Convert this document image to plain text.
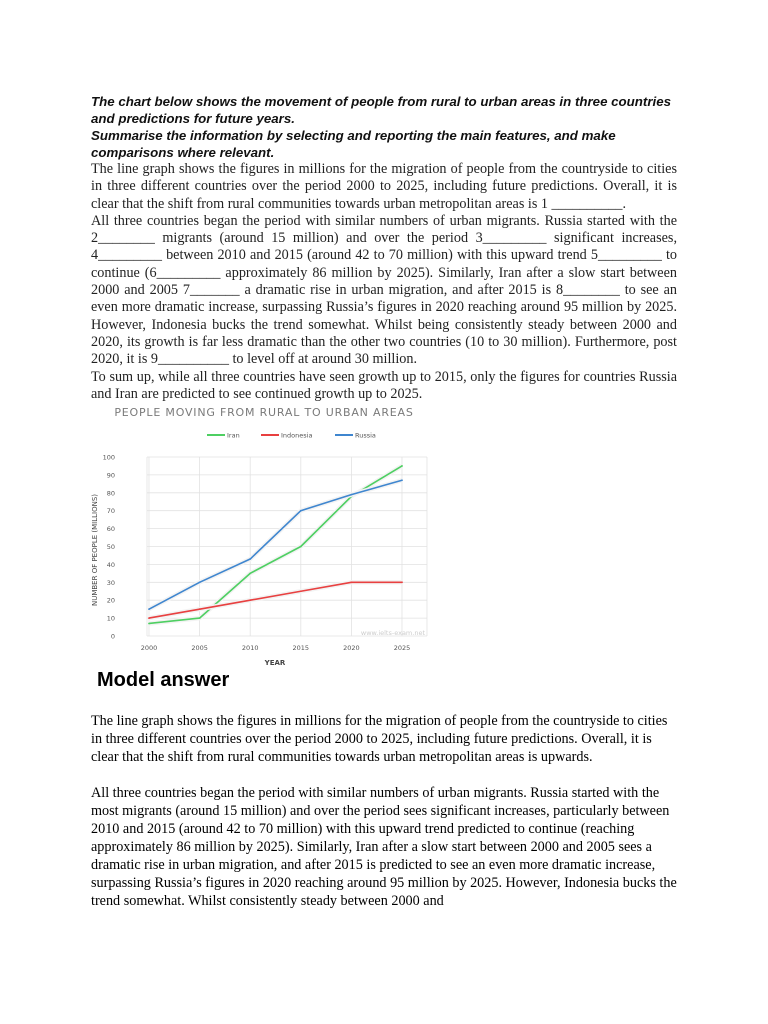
The chart below shows the movement of people from rural to urban areas in three countries and predictions for future years.

Summarise the information by selecting and reporting the main features, and make comparisons where relevant.

The line graph shows the figures in millions for the migration of people from the countryside to cities in three different countries over the period 2000 to 2025, including future predictions. Overall, it is clear that the shift from rural communities towards urban metropolitan areas is 1 __________.

All three countries began the period with similar numbers of urban migrants. Russia started with the 2________ migrants (around 15 million) and over the period 3_________ significant increases, 4_________ between 2010 and 2015 (around 42 to 70 million) with this upward trend 5_________ to continue (6_________ approximately 86 million by 2025). Similarly, Iran after a slow start between 2000 and 2005 7_______ a dramatic rise in urban migration, and after 2015 is 8________ to see an even more dramatic increase, surpassing Russia’s figures in 2020 reaching around 95 million by 2025. However, Indonesia bucks the trend somewhat. Whilst being consistently steady between 2000 and 2020, its growth is far less dramatic than the other two countries (10 to 30 million). Furthermore, post 2020, it is 9__________ to level off at around 30 million.

To sum up, while all three countries have seen growth up to 2015, only the figures for countries Russia and Iran are predicted to see continued growth up to 2025.

PEOPLE MOVING FROM RURAL TO URBAN AREAS
Iran	Indonesia	Russia
0
10
20
30
40
50
60
70
80
90
100
2000	2005	2010	2015	2020	2025
NUMBER OF PEOPLE (MILLIONS)
YEAR
www.ielts-exam.net
Model answer

The line graph shows the figures in millions for the migration of people from the countryside to cities in three different countries over the period 2000 to 2025, including future predictions. Overall, it is clear that the shift from rural communities towards urban metropolitan areas is upwards.

All three countries began the period with similar numbers of urban migrants. Russia started with the most migrants (around 15 million) and over the period sees significant increases, particularly between 2010 and 2015 (around 42 to 70 million) with this upward trend predicted to continue (reaching approximately 86 million by 2025). Similarly, Iran after a slow start between 2000 and 2005 sees a dramatic rise in urban migration, and after 2015 is predicted to see an even more dramatic increase, surpassing Russia’s figures in 2020 reaching around 95 million by 2025. However, Indonesia bucks the trend somewhat. Whilst consistently steady between 2000 and
